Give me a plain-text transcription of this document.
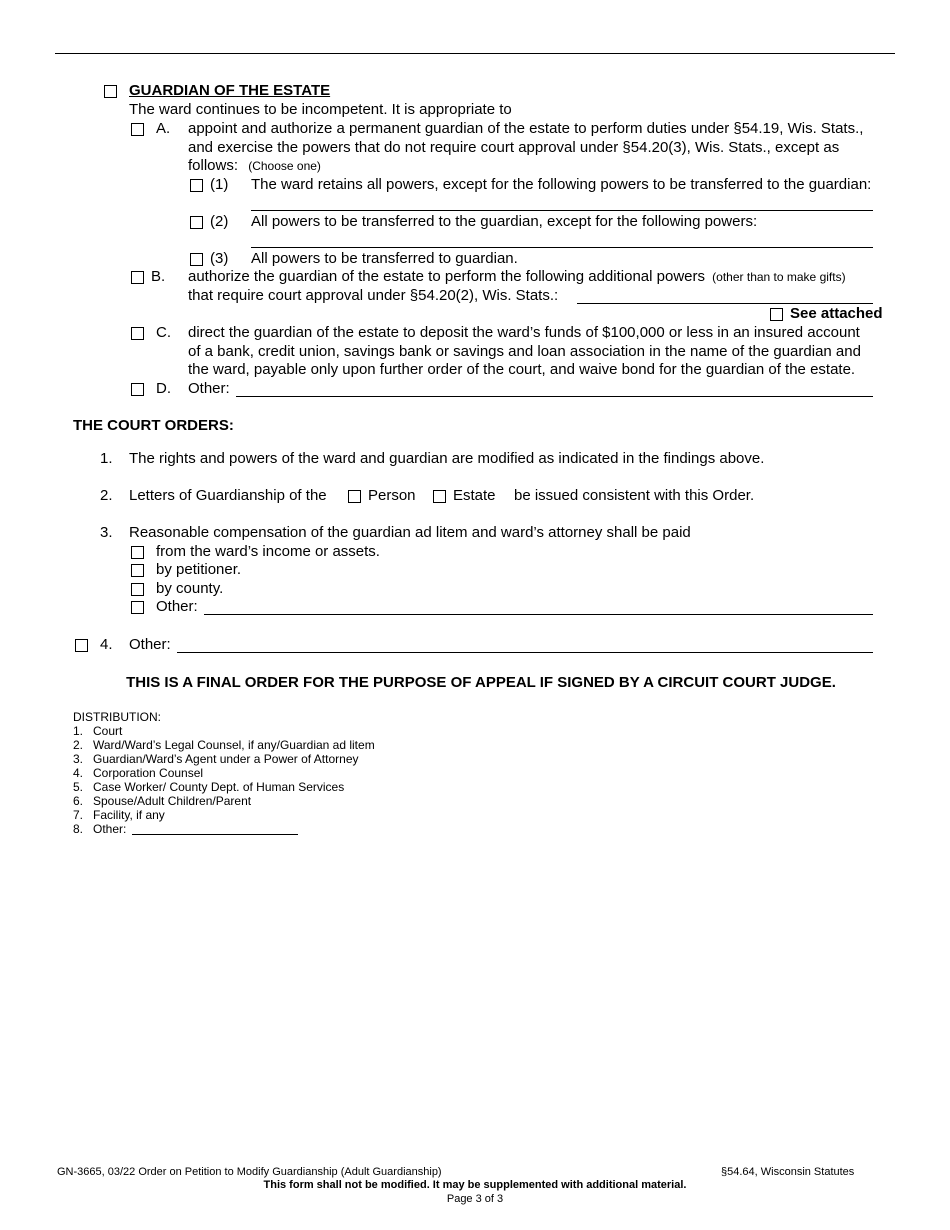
GUARDIAN OF THE ESTATE
The ward continues to be incompetent. It is appropriate to
A. appoint and authorize a permanent guardian of the estate to perform duties under §54.19, Wis. Stats.,
and exercise the powers that do not require court approval under §54.20(3), Wis. Stats., except as
follows: (Choose one)
(1) The ward retains all powers, except for the following powers to be transferred to the guardian:
(2) All powers to be transferred to the guardian, except for the following powers:
(3) All powers to be transferred to guardian.
B. authorize the guardian of the estate to perform the following additional powers (other than to make gifts)
that require court approval under §54.20(2), Wis. Stats.:
See attached
C. direct the guardian of the estate to deposit the ward’s funds of $100,000 or less in an insured account
of a bank, credit union, savings bank or savings and loan association in the name of the guardian and
the ward, payable only upon further order of the court, and waive bond for the guardian of the estate.
D. Other:
THE COURT ORDERS:
1. The rights and powers of the ward and guardian are modified as indicated in the findings above.
2. Letters of Guardianship of the	Person Estate be issued consistent with this Order.
3. Reasonable compensation of the guardian ad litem and ward’s attorney shall be paid
from the ward’s income or assets.
by petitioner.
by county.
Other:
4. Other:
THIS IS A FINAL ORDER FOR THE PURPOSE OF APPEAL IF SIGNED BY A CIRCUIT COURT JUDGE.
DISTRIBUTION:
1. Court
2. Ward/Ward’s Legal Counsel, if any/Guardian ad litem
3. Guardian/Ward’s Agent under a Power of Attorney
4. Corporation Counsel
5. Case Worker/ County Dept. of Human Services
6. Spouse/Adult Children/Parent
7. Facility, if any
8. Other:
GN-3665, 03/22 Order on Petition to Modify Guardianship (Adult Guardianship)	§54.64, Wisconsin Statutes
This form shall not be modified. It may be supplemented with additional material.
Page 3 of 3
